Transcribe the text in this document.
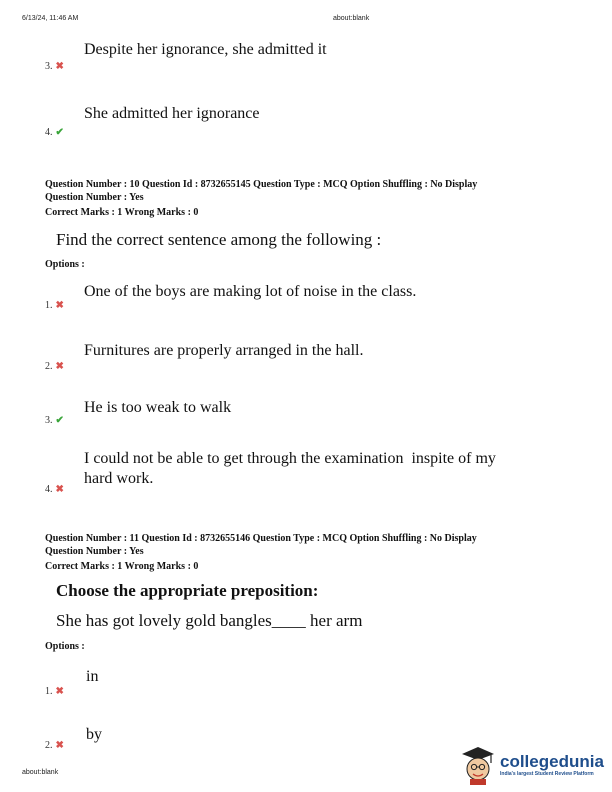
6/13/24, 11:46 AM	about:blank
Despite her ignorance, she admitted it
3. ✖
She admitted her ignorance
4. ✔
Question Number : 10 Question Id : 8732655145 Question Type : MCQ Option Shuffling : No Display
Question Number : Yes
Correct Marks : 1 Wrong Marks : 0
Find the correct sentence among the following :
Options :
One of the boys are making lot of noise in the class.
1. ✖
Furnitures are properly arranged in the hall.
2. ✖
He is too weak to walk
3. ✔
I could not be able to get through the examination  inspite of my
hard work.
4. ✖
Question Number : 11 Question Id : 8732655146 Question Type : MCQ Option Shuffling : No Display
Question Number : Yes
Correct Marks : 1 Wrong Marks : 0
Choose the appropriate preposition:
She has got lovely gold bangles____ her arm
Options :
in
1. ✖
by
2. ✖
about:blank
collegedunia
India's largest Student Review Platform
